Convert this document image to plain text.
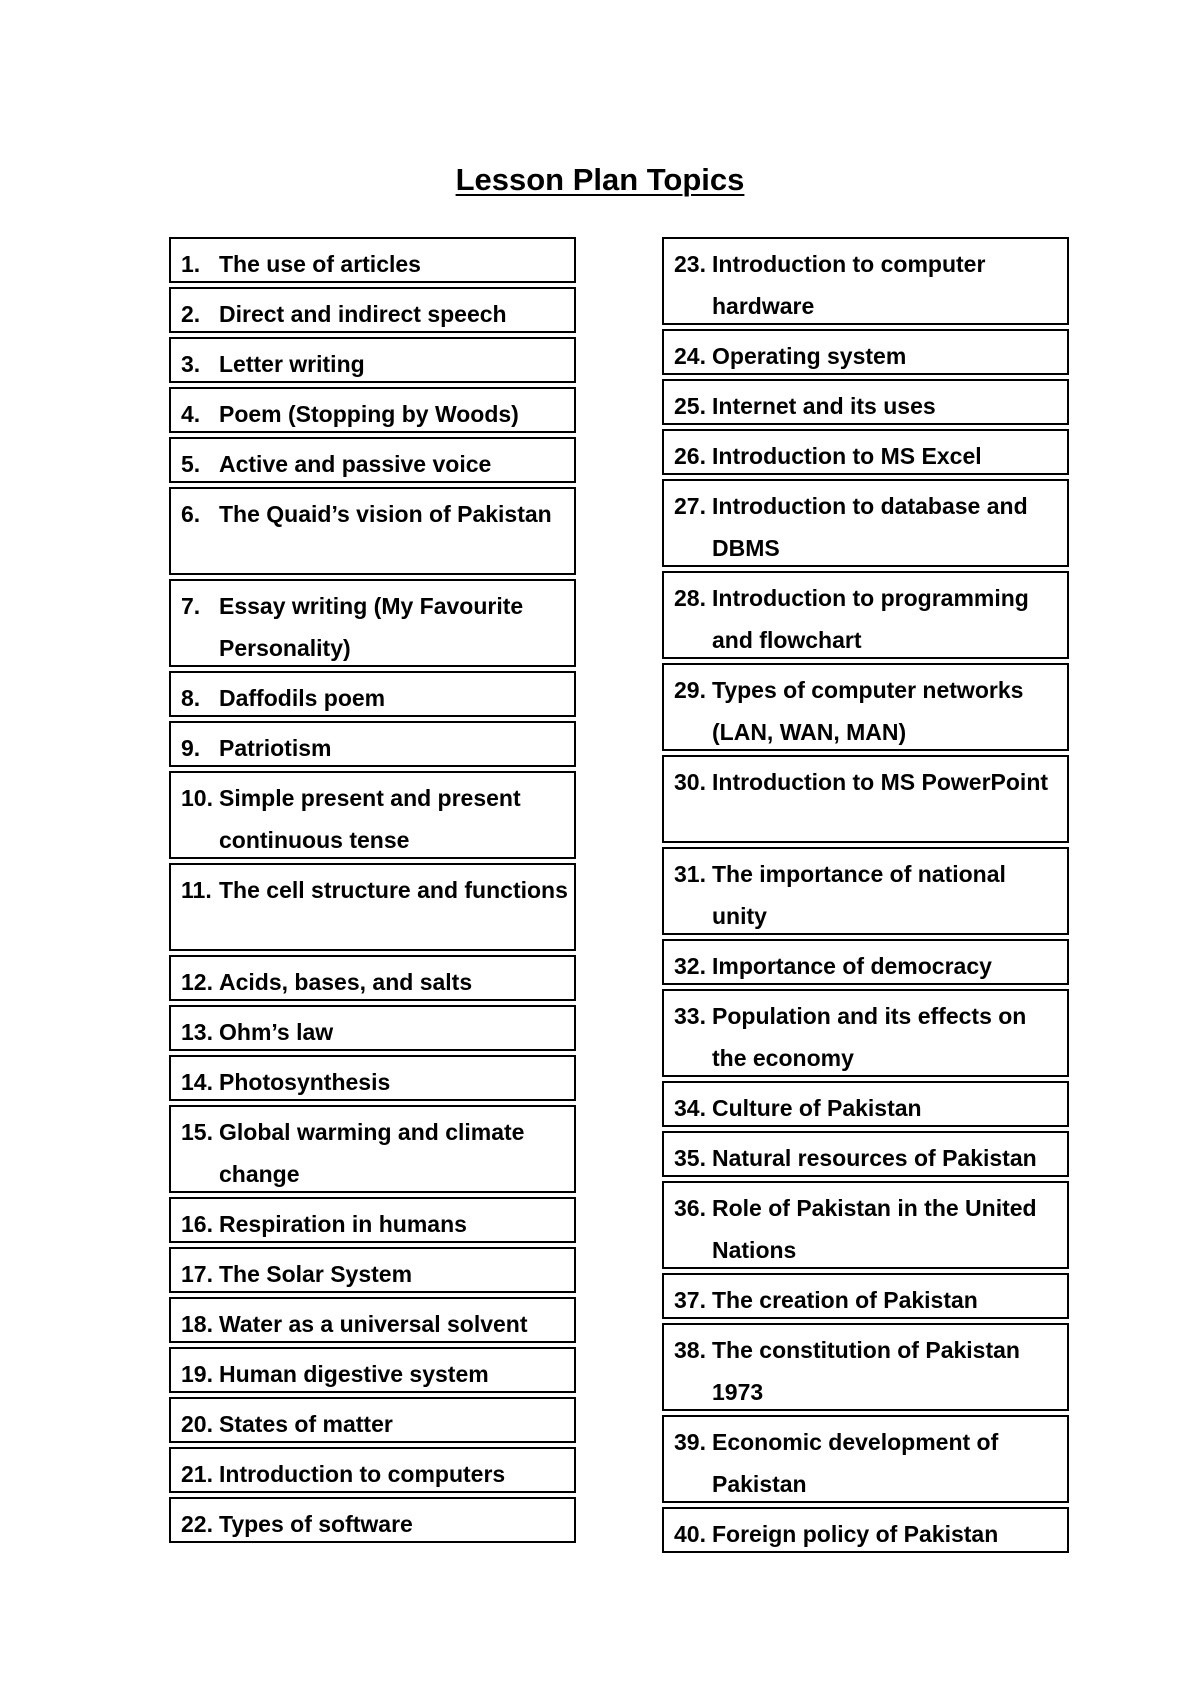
Lesson Plan Topics
1. The use of articles
2. Direct and indirect speech
3. Letter writing
4. Poem (Stopping by Woods)
5. Active and passive voice
6. The Quaid’s vision of Pakistan
7. Essay writing (My Favourite Personality)
8. Daffodils poem
9. Patriotism
10. Simple present and present continuous tense
11. The cell structure and functions
12. Acids, bases, and salts
13. Ohm’s law
14. Photosynthesis
15. Global warming and climate change
16. Respiration in humans
17. The Solar System
18. Water as a universal solvent
19. Human digestive system
20. States of matter
21. Introduction to computers
22. Types of software
23. Introduction to computer hardware
24. Operating system
25. Internet and its uses
26. Introduction to MS Excel
27. Introduction to database and DBMS
28. Introduction to programming and flowchart
29. Types of computer networks (LAN, WAN, MAN)
30. Introduction to MS PowerPoint
31. The importance of national unity
32. Importance of democracy
33. Population and its effects on the economy
34. Culture of Pakistan
35. Natural resources of Pakistan
36. Role of Pakistan in the United Nations
37. The creation of Pakistan
38. The constitution of Pakistan 1973
39. Economic development of Pakistan
40. Foreign policy of Pakistan
